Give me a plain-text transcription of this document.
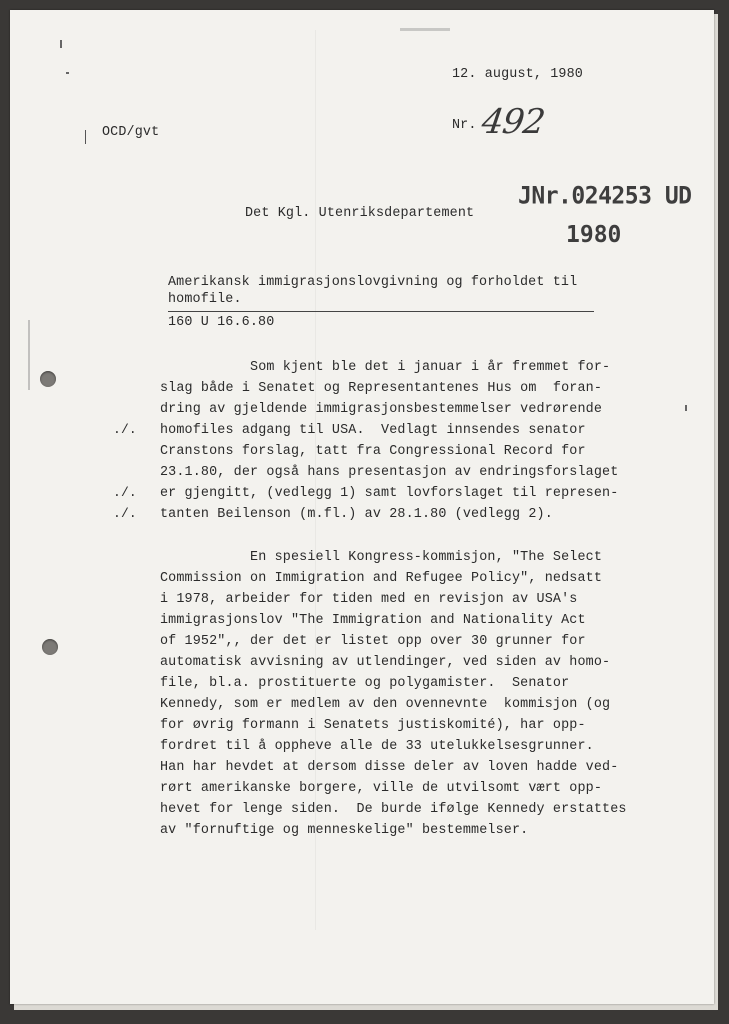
12. august, 1980
OCD/gvt	Nr. 492
JNr.024253 UD
1980
Det Kgl. Utenriksdepartement
Amerikansk immigrasjonslovgivning og forholdet til
homofile.
160 U 16.6.80
./.
./.
./.
Som kjent ble det i januar i år fremmet for-
slag både i Senatet og Representantenes Hus om  foran-
dring av gjeldende immigrasjonsbestemmelser vedrørende
homofiles adgang til USA.  Vedlagt innsendes senator
Cranstons forslag, tatt fra Congressional Record for
23.1.80, der også hans presentasjon av endringsforslaget
er gjengitt, (vedlegg 1) samt lovforslaget til represen-
tanten Beilenson (m.fl.) av 28.1.80 (vedlegg 2).
En spesiell Kongress-kommisjon, "The Select
Commission on Immigration and Refugee Policy", nedsatt
i 1978, arbeider for tiden med en revisjon av USA's
immigrasjonslov "The Immigration and Nationality Act
of 1952",, der det er listet opp over 30 grunner for
automatisk avvisning av utlendinger, ved siden av homo-
file, bl.a. prostituerte og polygamister.  Senator
Kennedy, som er medlem av den ovennevnte  kommisjon (og
for øvrig formann i Senatets justiskomité), har opp-
fordret til å oppheve alle de 33 utelukkelsesgrunner.
Han har hevdet at dersom disse deler av loven hadde ved-
rørt amerikanske borgere, ville de utvilsomt vært opp-
hevet for lenge siden.  De burde ifølge Kennedy erstattes
av "fornuftige og menneskelige" bestemmelser.
